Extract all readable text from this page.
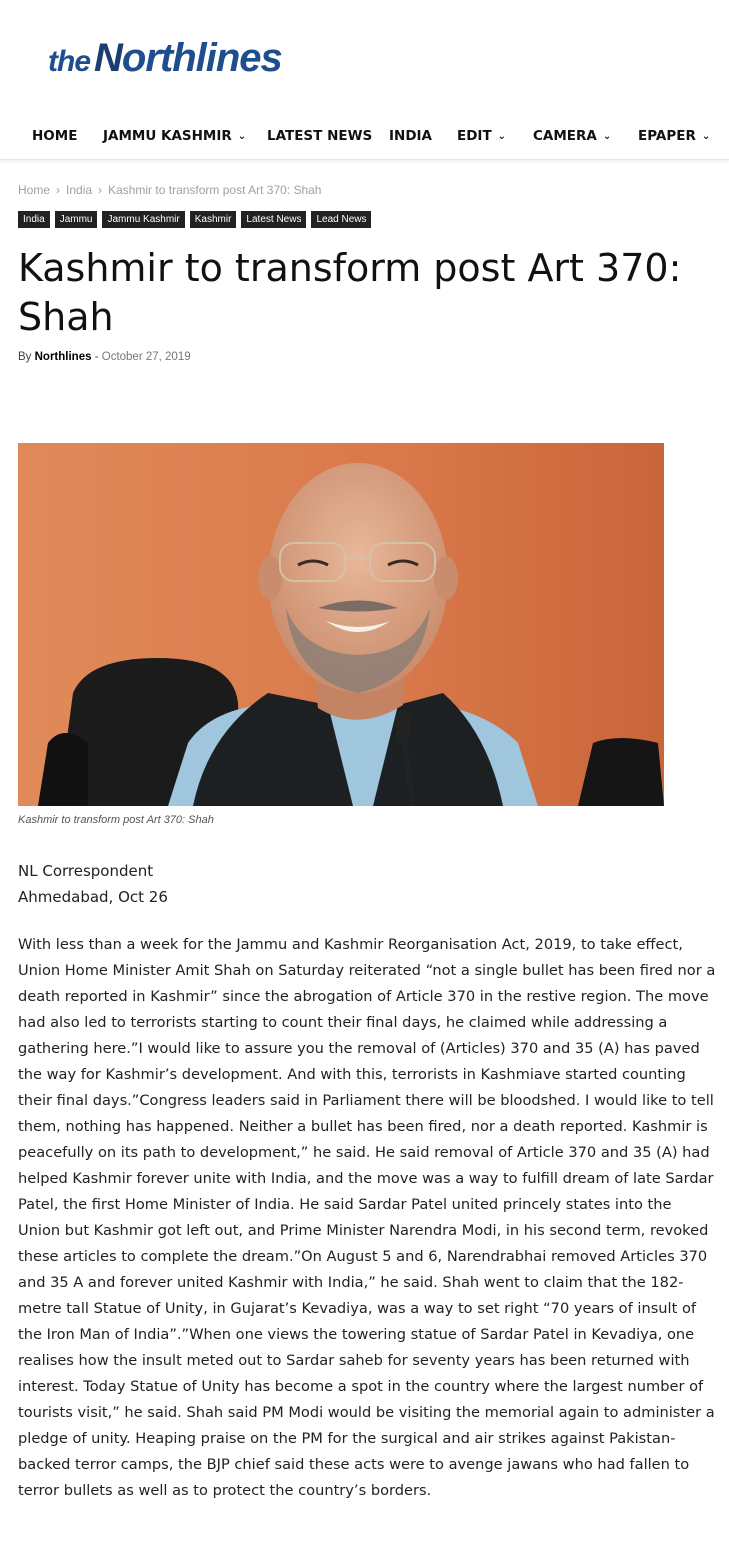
the Northlines
HOME JAMMU KASHMIR ⌄ LATEST NEWS INDIA EDIT ⌄ CAMERA ⌄ EPAPER ⌄
Home › India › Kashmir to transform post Art 370: Shah
India	Jammu	Jammu Kashmir	Kashmir	Latest News	Lead News
Kashmir to transform post Art 370: Shah
By Northlines - October 27, 2019
Kashmir to transform post Art 370: Shah
NL Correspondent
Ahmedabad, Oct 26

With less than a week for the Jammu and Kashmir Reorganisation Act, 2019, to take effect, Union Home Minister Amit Shah on Saturday reiterated “not a single bullet has been fired nor a death reported in Kashmir” since the abrogation of Article 370 in the restive region. The move had also led to terrorists starting to count their final days, he claimed while addressing a gathering here.”I would like to assure you the removal of (Articles) 370 and 35 (A) has paved the way for Kashmir’s development. And with this, terrorists in Kashmiave started counting their final days.”Congress leaders said in Parliament there will be bloodshed. I would like to tell them, nothing has happened. Neither a bullet has been fired, nor a death reported. Kashmir is peacefully on its path to development,” he said. He said removal of Article 370 and 35 (A) had helped Kashmir forever unite with India, and the move was a way to fulfill dream of late Sardar Patel, the first Home Minister of India. He said Sardar Patel united princely states into the Union but Kashmir got left out, and Prime Minister Narendra Modi, in his second term, revoked these articles to complete the dream.”On August 5 and 6, Narendrabhai removed Articles 370 and 35 A and forever united Kashmir with India,” he said. Shah went to claim that the 182-metre tall Statue of Unity, in Gujarat’s Kevadiya, was a way to set right “70 years of insult of the Iron Man of India”.”When one views the towering statue of Sardar Patel in Kevadiya, one realises how the insult meted out to Sardar saheb for seventy years has been returned with interest. Today Statue of Unity has become a spot in the country where the largest number of tourists visit,” he said. Shah said PM Modi would be visiting the memorial again to administer a pledge of unity. Heaping praise on the PM for the surgical and air strikes against Pakistan-backed terror camps, the BJP chief said these acts were to avenge jawans who had fallen to terror bullets as well as to protect the country’s borders.
